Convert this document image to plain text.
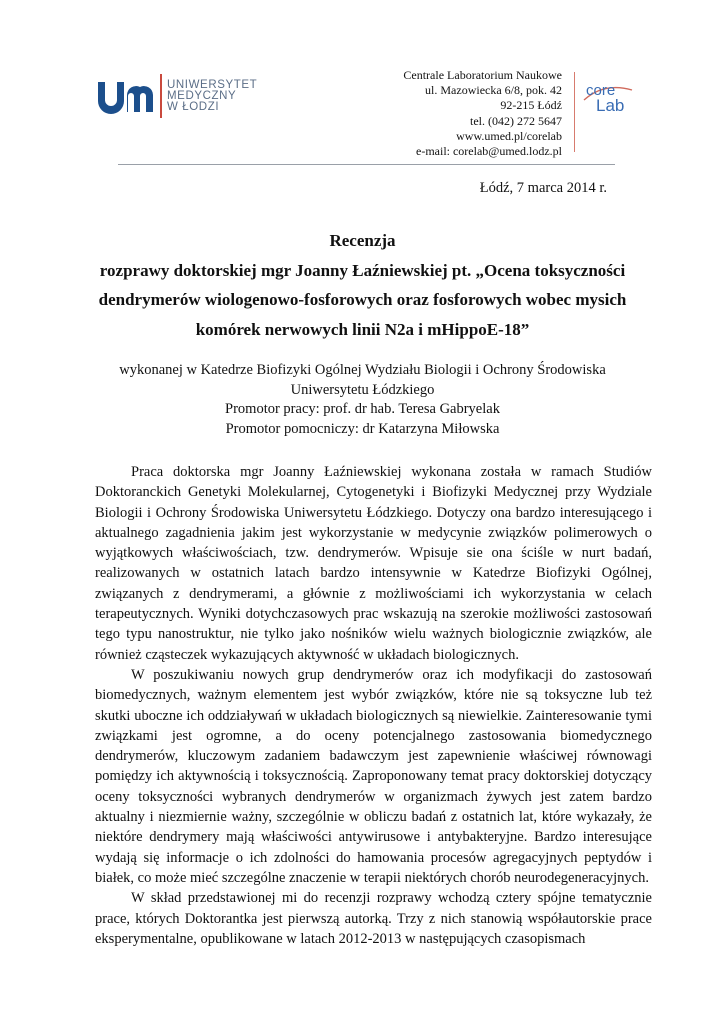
UNIWERSYTET
MEDYCZNY
W ŁODZI
Centrale Laboratorium Naukowe
ul. Mazowiecka 6/8, pok. 42
92-215 Łódź
tel. (042) 272 5647
www.umed.pl/corelab
e-mail: corelab@umed.lodz.pl
core
Lab
Łódź, 7 marca 2014 r.
Recenzja
rozprawy doktorskiej mgr Joanny Łaźniewskiej pt. „Ocena toksyczności
dendrymerów wiologenowo-fosforowych oraz fosforowych wobec mysich
komórek nerwowych linii N2a i mHippoE-18”
wykonanej w Katedrze Biofizyki Ogólnej Wydziału Biologii i Ochrony Środowiska
Uniwersytetu Łódzkiego
Promotor pracy: prof. dr hab. Teresa Gabryelak
Promotor pomocniczy: dr Katarzyna Miłowska

Praca doktorska mgr Joanny Łaźniewskiej wykonana została w ramach Studiów Doktoranckich Genetyki Molekularnej, Cytogenetyki i Biofizyki Medycznej przy Wydziale Biologii i Ochrony Środowiska Uniwersytetu Łódzkiego. Dotyczy ona bardzo interesującego i aktualnego zagadnienia jakim jest wykorzystanie w medycynie związków polimerowych o wyjątkowych właściwościach, tzw. dendrymerów. Wpisuje sie ona ściśle w nurt badań, realizowanych w ostatnich latach bardzo intensywnie w Katedrze Biofizyki Ogólnej, związanych z dendrymerami, a głównie z możliwościami ich wykorzystania w celach terapeutycznych. Wyniki dotychczasowych prac wskazują na szerokie możliwości zastosowań tego typu nanostruktur, nie tylko jako nośników wielu ważnych biologicznie związków, ale również cząsteczek wykazujących aktywność w układach biologicznych.

W poszukiwaniu nowych grup dendrymerów oraz ich modyfikacji do zastosowań biomedycznych, ważnym elementem jest wybór związków, które nie są toksyczne lub też skutki uboczne ich oddziaływań w układach biologicznych są niewielkie. Zainteresowanie tymi związkami jest ogromne, a do oceny potencjalnego zastosowania biomedycznego dendrymerów, kluczowym zadaniem badawczym jest zapewnienie właściwej równowagi pomiędzy ich aktywnością i toksycznością. Zaproponowany temat pracy doktorskiej dotyczący oceny toksyczności wybranych dendrymerów w organizmach żywych jest zatem bardzo aktualny i niezmiernie ważny, szczególnie w obliczu badań z ostatnich lat, które wykazały, że niektóre dendrymery mają właściwości antywirusowe i antybakteryjne. Bardzo interesujące wydają się informacje o ich zdolności do hamowania procesów agregacyjnych peptydów i białek, co może mieć szczególne znaczenie w terapii niektórych chorób neurodegeneracyjnych.

W skład przedstawionej mi do recenzji rozprawy wchodzą cztery spójne tematycznie prace, których Doktorantka jest pierwszą autorką. Trzy z nich stanowią współautorskie prace eksperymentalne, opublikowane w latach 2012-2013 w następujących czasopismach
